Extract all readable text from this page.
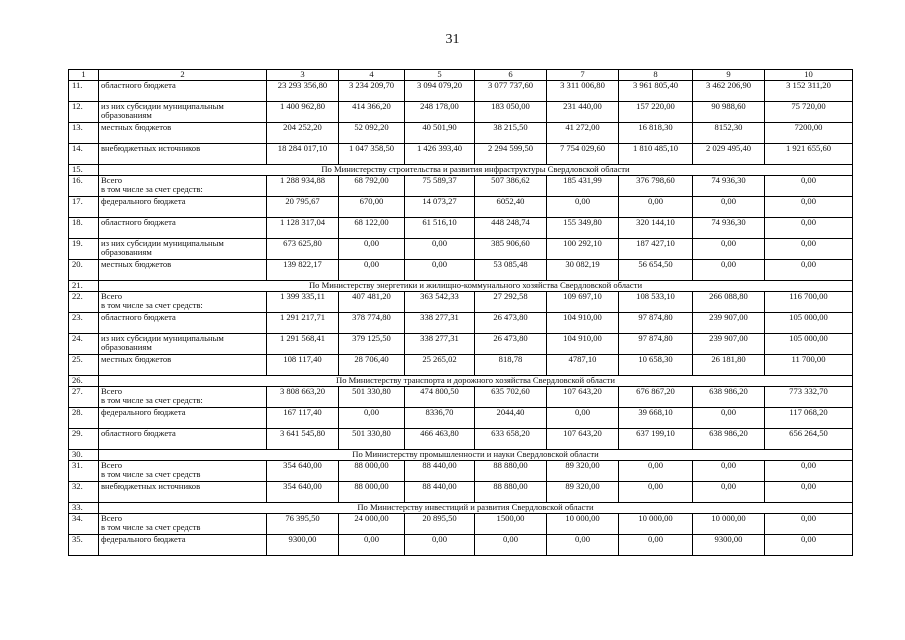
31
1	2	3	4	5	6	7	8	9	10
11.	областного бюджета	23 293 356,80	3 234 209,70	3 094 079,20	3 077 737,60	3 311 006,80	3 961 805,40	3 462 206,90	3 152 311,20
12.	из них субсидии муниципальным образованиям	1 400 962,80	414 366,20	248 178,00	183 050,00	231 440,00	157 220,00	90 988,60	75 720,00
13.	местных бюджетов	204 252,20	52 092,20	40 501,90	38 215,50	41 272,00	16 818,30	8152,30	7200,00
14.	внебюджетных источников	18 284 017,10	1 047 358,50	1 426 393,40	2 294 599,50	7 754 029,60	1 810 485,10	2 029 495,40	1 921 655,60
15.	По Министерству строительства и развития инфраструктуры Свердловской области								
16.	Всего
в том числе за счет средств:	1 288 934,88	68 792,00	75 589,37	507 386,62	185 431,99	376 798,60	74 936,30	0,00
17.	федерального бюджета	20 795,67	670,00	14 073,27	6052,40	0,00	0,00	0,00	0,00
18.	областного бюджета	1 128 317,04	68 122,00	61 516,10	448 248,74	155 349,80	320 144,10	74 936,30	0,00
19.	из них субсидии муниципальным образованиям	673 625,80	0,00	0,00	385 906,60	100 292,10	187 427,10	0,00	0,00
20.	местных бюджетов	139 822,17	0,00	0,00	53 085,48	30 082,19	56 654,50	0,00	0,00
21.	По Министерству энергетики и жилищно-коммунального хозяйства Свердловской области								
22.	Всего
в том числе за счет средств:	1 399 335,11	407 481,20	363 542,33	27 292,58	109 697,10	108 533,10	266 088,80	116 700,00
23.	областного бюджета	1 291 217,71	378 774,80	338 277,31	26 473,80	104 910,00	97 874,80	239 907,00	105 000,00
24.	из них субсидии муниципальным образованиям	1 291 568,41	379 125,50	338 277,31	26 473,80	104 910,00	97 874,80	239 907,00	105 000,00
25.	местных бюджетов	108 117,40	28 706,40	25 265,02	818,78	4787,10	10 658,30	26 181,80	11 700,00
26.	По Министерству транспорта и дорожного хозяйства Свердловской области								
27.	Всего
в том числе за счет средств:	3 808 663,20	501 330,80	474 800,50	635 702,60	107 643,20	676 867,20	638 986,20	773 332,70
28.	федерального бюджета	167 117,40	0,00	8336,70	2044,40	0,00	39 668,10	0,00	117 068,20
29.	областного бюджета	3 641 545,80	501 330,80	466 463,80	633 658,20	107 643,20	637 199,10	638 986,20	656 264,50
30.	По Министерству промышленности и науки Свердловской области								
31.	Всего
в том числе за счет средств	354 640,00	88 000,00	88 440,00	88 880,00	89 320,00	0,00	0,00	0,00
32.	внебюджетных источников	354 640,00	88 000,00	88 440,00	88 880,00	89 320,00	0,00	0,00	0,00
33.	По Министерству инвестиций и развития Свердловской области								
34.	Всего
в том числе за счет средств	76 395,50	24 000,00	20 895,50	1500,00	10 000,00	10 000,00	10 000,00	0,00
35.	федерального бюджета	9300,00	0,00	0,00	0,00	0,00	0,00	9300,00	0,00
